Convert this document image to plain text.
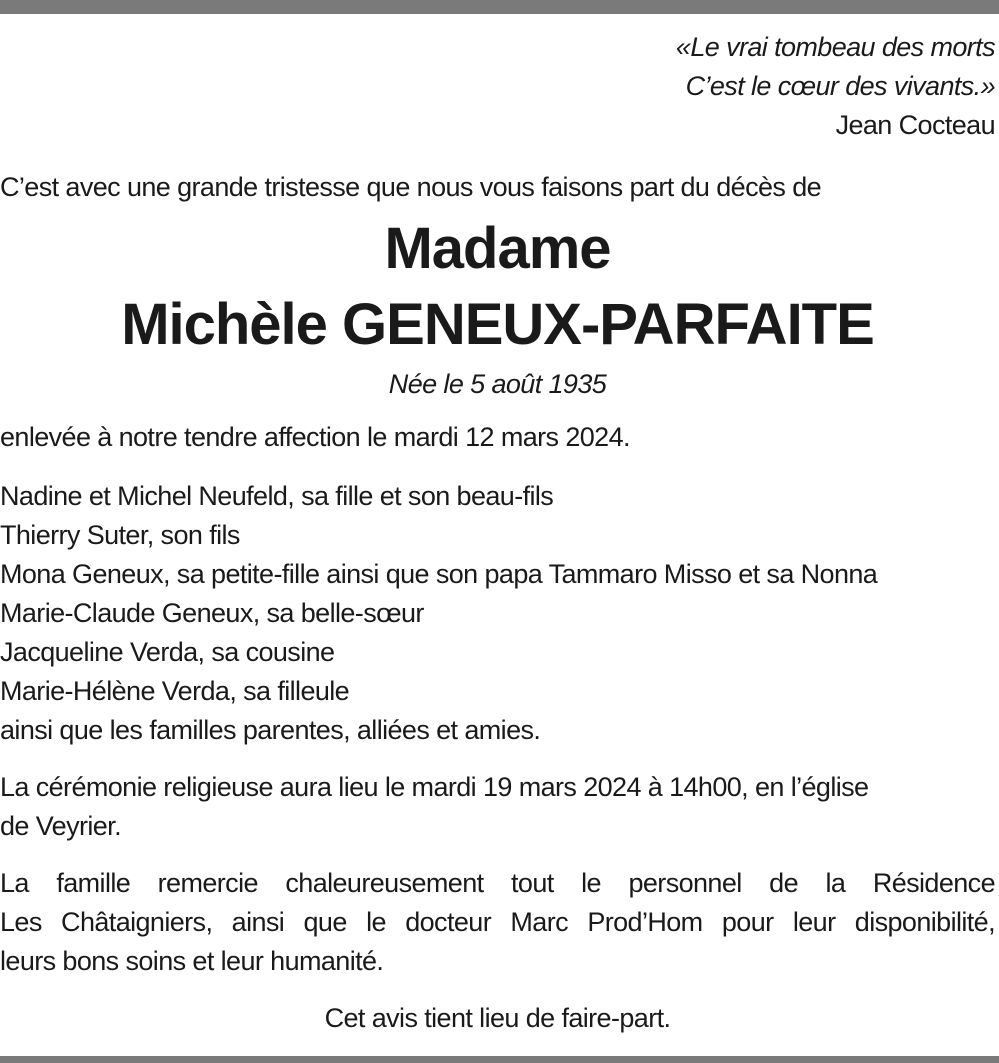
«Le vrai tombeau des morts
C’est le cœur des vivants.»
Jean Cocteau
C’est avec une grande tristesse que nous vous faisons part du décès de
Madame
Michèle GENEUX-PARFAITE
Née le 5 août 1935
enlevée à notre tendre affection le mardi 12 mars 2024.
Nadine et Michel Neufeld, sa fille et son beau-fils
Thierry Suter, son fils
Mona Geneux, sa petite-fille ainsi que son papa Tammaro Misso et sa Nonna
Marie-Claude Geneux, sa belle-sœur
Jacqueline Verda, sa cousine
Marie-Hélène Verda, sa filleule
ainsi que les familles parentes, alliées et amies.
La cérémonie religieuse aura lieu le mardi 19 mars 2024 à 14h00, en l’église
de Veyrier.
La famille remercie chaleureusement tout le personnel de la Résidence
Les Châtaigniers, ainsi que le docteur Marc Prod’Hom pour leur disponibilité,
leurs bons soins et leur humanité.
Cet avis tient lieu de faire-part.
